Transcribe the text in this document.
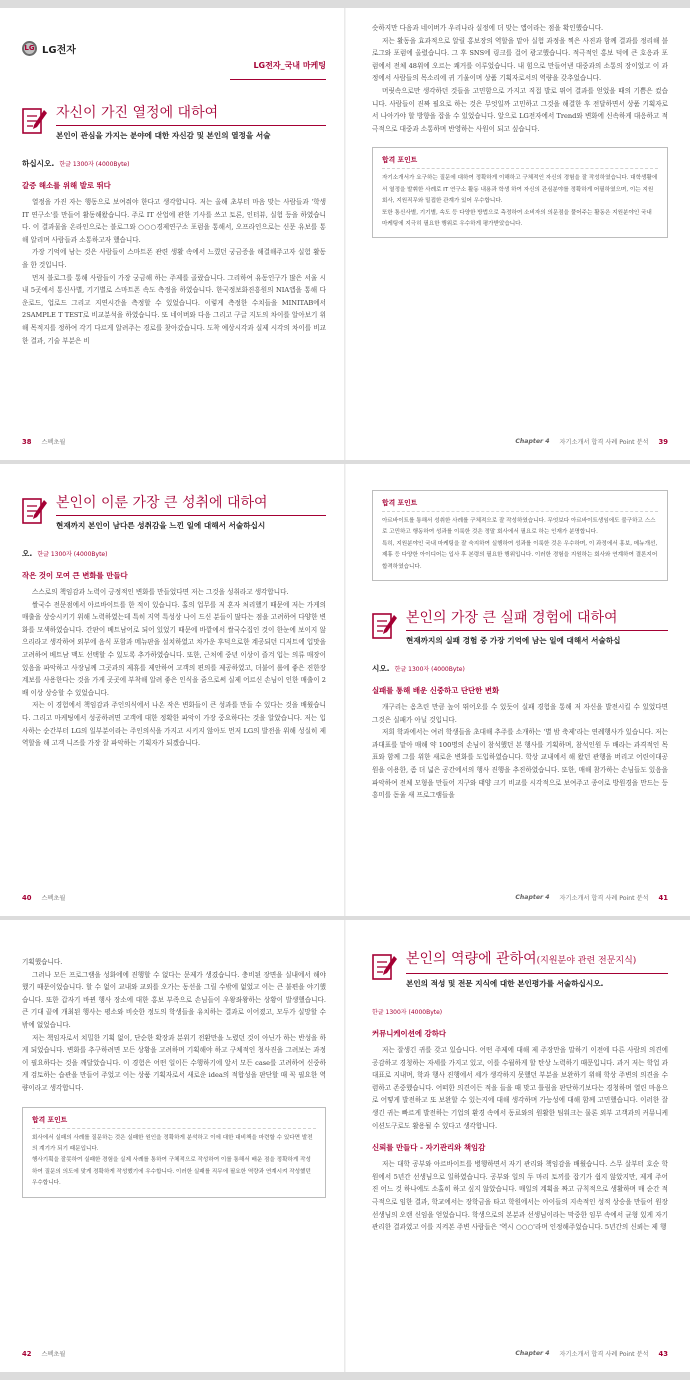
LG LG전자
LG전자_국내 마케팅
자신이 가진 열정에 대하여
본인이 관심을 가지는 분야에 대한 자신감 및 본인의 열정을 서술
하십시오. 한글 1300자 (4000Byte)
갈증 해소를 위해 발로 뛰다

열정을 가진 자는 행동으로 보여줘야 한다고 생각합니다. 저는 올해 초부터 마음 맞는 사람들과 '학생 IT 연구소'를 만들어 활동해왔습니다. 주로 IT 산업에 관한 기사를 쓰고 토론, 인터뷰, 실험 등을 하였습니다. 이 결과물을 온라인으로는 블로그와 ○○○경제연구소 포럼을 통해서, 오프라인으로는 신문 유보를 통해 알리며 사람들과 소통하고자 했습니다.

가장 기억에 남는 것은 사람들이 스마트폰 관련 생활 속에서 느꼈던 궁금증을 해결해주고자 실험 활동을 한 것입니다.

먼저 블로그를 통해 사람들이 가장 궁금해 하는 주제를 골랐습니다. 그리하여 유동인구가 많은 서울 시내 5곳에서 통신사별, 기기별로 스마트폰 속도 측정을 하였습니다. 한국정보화진흥원의 NIA앱을 통해 다운로드, 업로드 그리고 지연시간을 측정할 수 있었습니다. 이렇게 측정한 수치들을 MINITAB에서 2SAMPLE T TEST로 비교분석을 하였습니다. 또 네이버와 다음 그리고 구글 지도의 차이를 알아보기 위해 목적지를 정하여 각기 다르게 알려주는 경로를 찾아갔습니다. 도착 예상시각과 실제 시각의 차이를 비교한 결과, 기술 부분은 비

38 스펙초월

슷하지만 다음과 네이버가 우리나라 실정에 더 맞는 앱이라는 점을 확인했습니다.

저는 활동을 효과적으로 알릴 홍보장의 역할을 맡아 실험 과정을 찍은 사진과 함께 결과를 정리해 블로그와 포럼에 올렸습니다. 그 후 SNS에 링크를 걸어 광고했습니다. 적극적인 홍보 덕에 큰 호응과 포럼에서 전체 48위에 오르는 쾌거를 이루었습니다. 내 힘으로 만들어낸 대중과의 소통의 장이었고 이 과정에서 사람들의 목소리에 귀 기울이며 상품 기획자로서의 역량을 갖추었습니다.

머릿속으로만 생각하던 것들을 고민함으로 가지고 직접 발로 뛰어 결과를 얻었을 때의 기쁨은 컸습니다. 사람들이 진짜 필요로 하는 것은 무엇일까 고민하고 그것을 해결한 후 전달하면서 상품 기획자로서 나아가야 할 방향을 잡을 수 있었습니다. 앞으로 LG전자에서 Trend와 변화에 신속하게 대응하고 적극적으로 대중과 소통하며 반영하는 사원이 되고 싶습니다.

합격 포인트

자기소개서가 요구하는 질문에 대하여 정확하게 이해하고 구체적인 자신의 경험을 잘 작성하였습니다. 대학생활에서 열정을 발휘한 사례로 IT 연구소 활동 내용과 학생 하여 자신의 관심분야를 정확하게 어필하였으며, 이는 지원회사, 지원직무와 밀접한 관계가 있어 우수합니다.

또한 통신사별, 기기별, 속도 등 다양한 방법으로 측정하여 소비자의 의문점을 풀어주는 활동은 지원분야인 국내 마케팅에 지극히 필요한 행위로 우수하게 평가받았습니다.

Chapter 4 자기소개서 합격 사례 Point 분석 39
본인이 이룬 가장 큰 성취에 대하여
현재까지 본인이 남다른 성취감을 느낀 일에 대해서 서술하십시
오. 한글 1300자 (4000Byte)
작은 것이 모여 큰 변화를 만들다

스스로의 책임감과 노력이 긍정적인 변화를 만들었다면 저는 그것을 성취라고 생각합니다.

쌀국수 전문점에서 아르바이트를 한 적이 있습니다. 홀의 업무를 저 혼자 처리했기 때문에 저는 가게의 매출을 상승시키기 위해 노력하였는데 특히 지역 특성상 나이 드신 분들이 많다는 점을 고려하여 다양한 변화를 모색하였습니다. 간판이 베트남어로 되어 있었기 때문에 바깥에서 쌀국수집인 것이 한눈에 보이지 않으리라고 생각하여 외부에 음식 포함과 메뉴판을 설치하였고 차가운 후덕으로한 계공되던 디저트에 입맛을 고려하여 베트남 맥도 선택할 수 있도록 추가하였습니다. 또한, 근처에 중년 이상이 즐겨 입는 의류 매장이 있음을 파악하고 사장님께 그곳과의 제휴를 제안하여 고객의 편의를 제공하였고, 더불어 롤에 좋은 진한장 계보를 사용한다는 것을 가게 곳곳에 부착해 알려 좋은 인식을 줌으로써 실제 어르신 손님이 인한 매출이 2배 이상 상승할 수 있었습니다.

저는 이 경험에서 책임감과 주인의식에서 나온 작은 변화들이 큰 성과를 만들 수 있다는 것을 배웠습니다. 그리고 마케팅에서 성공하려면 고객에 대한 정확한 파악이 가장 중요하다는 것을 알았습니다. 저는 입사하는 순간부터 LG의 일부분이라는 주인의식을 가지고 시키지 않아도 먼저 LG의 발전을 위해 성실히 제 역할을 해 고객 니즈를 가장 잘 파악하는 기획자가 되겠습니다.

40 스펙초월
합격 포인트

아르바이트를 통해서 성취한 사례를 구체적으로 잘 작성하였습니다. 무엇보다 아르바이트생임에도 불구하고 스스로 고민하고 행동하여 성과를 이룩한 것은 정말 회사에서 필요로 하는 인재가 분명합니다.

특히, 지원분야인 국내 마케팅을 잘 숙지하여 실행하여 성과를 이룩한 것은 우수하며, 이 과정에서 홍보, 메뉴개선, 제휴 등 다양한 아이디어는 입사 후 본령의 필요한 행위입니다. 이러한 경험을 지원하는 회사와 연계하여 결론지어 합격하였습니다.

본인의 가장 큰 실패 경험에 대하여
현재까지의 실패 경험 중 가장 기억에 남는 일에 대해서 서술하십
시오. 한글 1300자 (4000Byte)
실패를 통해 배운 신중하고 단단한 변화

개구리는 옴츠린 만큼 높이 뛰어오를 수 있듯이 실패 경험을 통해 저 자신을 발전시킬 수 있었다면 그것은 실패가 아닐 것입니다.

저희 학과에서는 여러 학생들을 초대해 추주를 소개하는 '별 밤 축제'라는 연례행사가 있습니다. 저는 과대표를 맡아 매해 약 100명의 손님이 참석했던 본 행사를 기획하며, 참석인원 두 배라는 과격적인 목표와 함께 그를 위한 새로운 변화를 도입하였습니다. 학상 교내에서 해 왔던 관행을 버리고 어린이대공원을 이용한, 좀 더 넓은 공간에서의 행사 진행을 추진하였습니다. 또한, 매해 참가하는 손님들도 있음을 파악하여 전체 모형을 만들어 지구와 태양 크기 비교를 시각적으로 보여주고 종이로 방원경을 만드는 등 흥미를 돋울 새 프로그램들을

Chapter 4 자기소개서 합격 사례 Point 분석 41

기획했습니다.

그러나 모든 프로그램을 성화에에 진행할 수 없다는 문제가 생겼습니다. 충비된 장면을 실내에서 해야 했기 때문이었습니다. 할 수 없이 교내와 교외를 오가는 동선을 그릴 수밖에 없었고 이는 큰 불편을 야기했습니다. 또한 갑자기 바뀐 행사 장소에 대한 홍보 부족으로 손님들이 우왕좌왕하는 상황이 발생했습니다. 큰 기대 끝에 개최된 행사는 평소와 비슷한 정도의 학생들을 유치하는 결과로 이어졌고, 모두가 실망할 수밖에 없었습니다.

저는 책임자로서 치밀한 기획 없이, 단순한 확장과 분위기 전환만을 노렸던 것이 아닌가 하는 반성을 하게 되었습니다. 변화를 추구하려면 모든 상황을 고려하며 기획해야 하고 구체적인 청사진을 그려보는 과정이 필요하다는 것을 깨달았습니다. 이 경험은 어떤 일이든 수행하기에 앞서 모든 case를 고려하여 신중하게 검토하는 습관을 만들어 주었고 이는 상품 기획자로서 새로운 idea의 적합성을 판단할 때 꼭 필요한 역량이라고 생각합니다.

합격 포인트

회사에서 실패의 사례를 질문하는 것은 실패한 원인을 정확하게 분석하고 이에 대한 대비책을 마련할 수 있다면 발전의 계기가 되기 때문입니다.

행사기획을 잘못하여 실패한 경험을 실제 사례를 통하여 구체적으로 작성하여 이를 통해서 배운 점을 정확하게 작성하여 질문의 의도에 맞게 정확하게 작성했기에 우수합니다. 이러한 실패를 직무에 필요한 역량과 연계시켜 작성했던 우수합니다.

42 스펙초월
본인의 역량에 관하여(지원분야 관련 전문지식)
본인의 적성 및 전문 지식에 대한 본인평가를 서술하십시오.
한글 1300자 (4000Byte)
커뮤니케이션에 강하다

저는 잘생긴 귀를 갖고 있습니다. 어떤 주제에 대해 제 주장만을 말하기 이전에 다른 사람의 의견에 공감하고 경청하는 자세를 가지고 있고, 이를 수월하게 할 탄상 노력하기 때문입니다. 과거 저는 학업 과대표로 지내며, 학과 행사 진행에서 세가 생각하지 못했던 부분을 보완하기 위해 학상 주변의 의견을 수렴하고 존중했습니다. 어떠한 의견이든 적을 들을 때 맞고 틀림을 판단하기보다는 경청하며 열린 마음으로 어떻게 발전하고 또 보완할 수 있는지에 대해 생각하며 가능성에 대해 함께 고민했습니다. 이러한 잘생긴 귀는 빠르게 발전하는 기업의 환경 속에서 동료와의 원활한 팀워크는 물론 외부 고객과의 커뮤니케이션도구로도 활용될 수 있다고 생각합니다.

신뢰를 만들다 - 자기관리와 책임감

저는 대학 공부와 아르바이트를 병행하면서 자기 관리와 책임감을 배웠습니다. 스무 살부터 호순 학원에서 5년간 선생님으로 일하였습니다. 공부와 일의 두 마리 토끼를 잡기가 쉽지 않았지만, 제게 주어진 어느 것 하나에도 소홀히 하고 싶지 않았습니다. 매일의 계획을 짜고 규칙적으로 생활하며 매 순간 적극적으로 임한 결과, 학교에서는 장학금을 타고 학원에서는 아이들의 지속적인 성적 상승을 만들어 원장 선생님의 오랜 신임을 얻었습니다. 학생으로의 본분과 선생님이라는 막중한 임무 속에서 균형 있게 자기 관리한 결과였고 이를 지켜본 주변 사람들은 '역시 ○○○'라며 인정해주었습니다. 5년간의 신뢰는 제 행

Chapter 4 자기소개서 합격 사례 Point 분석 43
